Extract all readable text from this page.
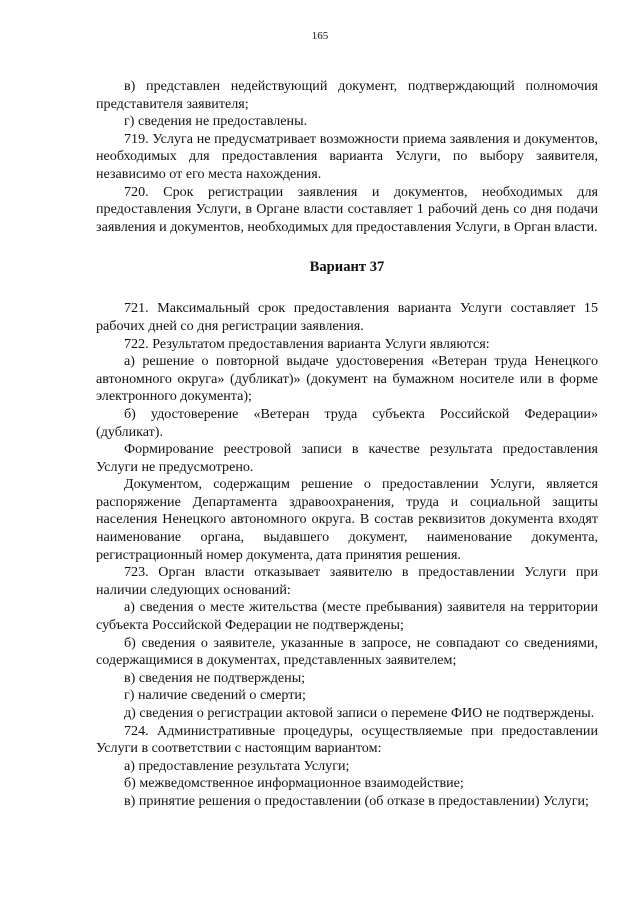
165

в) представлен недействующий документ, подтверждающий полномочия представителя заявителя;

г) сведения не предоставлены.

719. Услуга не предусматривает возможности приема заявления и документов, необходимых для предоставления варианта Услуги, по выбору заявителя, независимо от его места нахождения.

720. Срок регистрации заявления и документов, необходимых для предоставления Услуги, в Органе власти составляет 1 рабочий день со дня подачи заявления и документов, необходимых для предоставления Услуги, в Орган власти.

Вариант 37

721. Максимальный срок предоставления варианта Услуги составляет 15 рабочих дней со дня регистрации заявления.

722. Результатом предоставления варианта Услуги являются:

а) решение о повторной выдаче удостоверения «Ветеран труда Ненецкого автономного округа» (дубликат)» (документ на бумажном носителе или в форме электронного документа);

б) удостоверение «Ветеран труда субъекта Российской Федерации» (дубликат).

Формирование реестровой записи в качестве результата предоставления Услуги не предусмотрено.

Документом, содержащим решение о предоставлении Услуги, является распоряжение Департамента здравоохранения, труда и социальной защиты населения Ненецкого автономного округа. В состав реквизитов документа входят наименование органа, выдавшего документ, наименование документа, регистрационный номер документа, дата принятия решения.

723. Орган власти отказывает заявителю в предоставлении Услуги при наличии следующих оснований:

а) сведения о месте жительства (месте пребывания) заявителя на территории субъекта Российской Федерации не подтверждены;

б) сведения о заявителе, указанные в запросе, не совпадают со сведениями, содержащимися в документах, представленных заявителем;

в) сведения не подтверждены;

г) наличие сведений о смерти;

д) сведения о регистрации актовой записи о перемене ФИО не подтверждены.

724. Административные процедуры, осуществляемые при предоставлении Услуги в соответствии с настоящим вариантом:

а) предоставление результата Услуги;

б) межведомственное информационное взаимодействие;

в) принятие решения о предоставлении (об отказе в предоставлении) Услуги;
